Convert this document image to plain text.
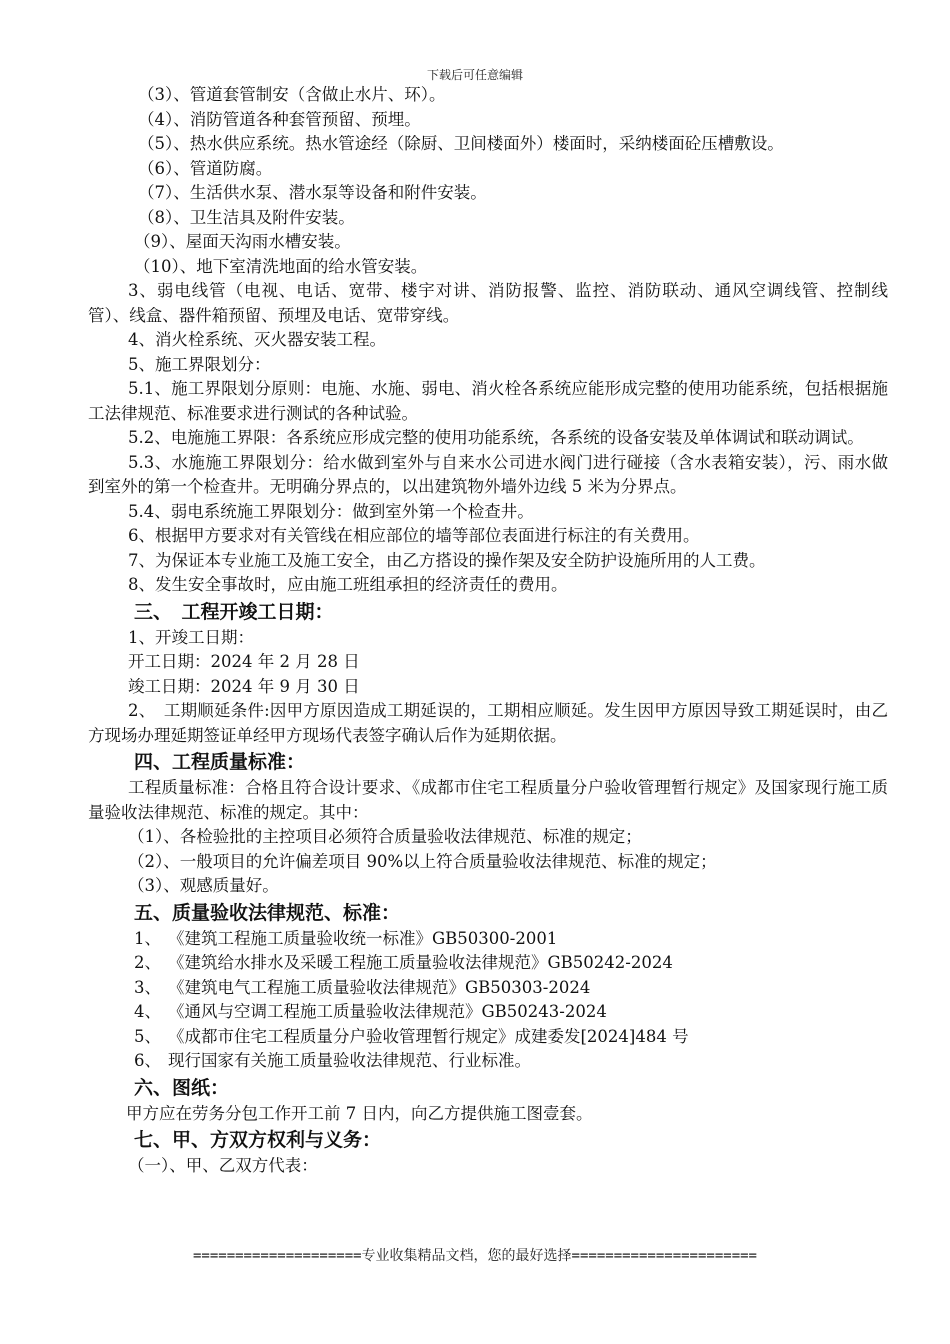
下载后可任意编辑
（3）、管道套管制安（含做止水片、环）。
（4）、消防管道各种套管预留、预埋。
（5）、热水供应系统。热水管途经（除厨、卫间楼面外）楼面时，采纳楼面砼压槽敷设。
（6）、管道防腐。
（7）、生活供水泵、潜水泵等设备和附件安装。
（8）、卫生洁具及附件安装。
（9）、屋面天沟雨水槽安装。
（10）、地下室清洗地面的给水管安装。
3、弱电线管（电视、电话、宽带、楼宇对讲、消防报警、监控、消防联动、通风空调线管、控制线管）、线盒、器件箱预留、预埋及电话、宽带穿线。
4、消火栓系统、灭火器安装工程。
5、施工界限划分：
5.1、施工界限划分原则：电施、水施、弱电、消火栓各系统应能形成完整的使用功能系统，包括根据施工法律规范、标准要求进行测试的各种试验。
5.2、电施施工界限：各系统应形成完整的使用功能系统，各系统的设备安装及单体调试和联动调试。
5.3、水施施工界限划分：给水做到室外与自来水公司进水阀门进行碰接（含水表箱安装），污、雨水做到室外的第一个检查井。无明确分界点的，以出建筑物外墙外边线 5 米为分界点。
5.4、弱电系统施工界限划分：做到室外第一个检查井。
6、根据甲方要求对有关管线在相应部位的墙等部位表面进行标注的有关费用。
7、为保证本专业施工及施工安全，由乙方搭设的操作架及安全防护设施所用的人工费。
8、发生安全事故时，应由施工班组承担的经济责任的费用。
三、　工程开竣工日期：
1、开竣工日期：
开工日期：2024 年 2 月 28 日
竣工日期：2024 年 9 月 30 日
2、　工期顺延条件:因甲方原因造成工期延误的，工期相应顺延。发生因甲方原因导致工期延误时，由乙方现场办理延期签证单经甲方现场代表签字确认后作为延期依据。
四、工程质量标准：
工程质量标准：合格且符合设计要求、《成都市住宅工程质量分户验收管理暂行规定》及国家现行施工质量验收法律规范、标准的规定。其中：
（1）、各检验批的主控项目必须符合质量验收法律规范、标准的规定；
（2）、一般项目的允许偏差项目 90%以上符合质量验收法律规范、标准的规定；
（3）、观感质量好。
五、质量验收法律规范、标准：
1、 《建筑工程施工质量验收统一标准》GB50300-2001
2、 《建筑给水排水及采暖工程施工质量验收法律规范》GB50242-2024
3、 《建筑电气工程施工质量验收法律规范》GB50303-2024
4、 《通风与空调工程施工质量验收法律规范》GB50243-2024
5、 《成都市住宅工程质量分户验收管理暂行规定》成建委发[2024]484 号
6、 现行国家有关施工质量验收法律规范、行业标准。
六、图纸：
甲方应在劳务分包工作开工前 7 日内，向乙方提供施工图壹套。
七、甲、方双方权利与义务：
（一）、甲、乙双方代表：
====================专业收集精品文档，您的最好选择======================
